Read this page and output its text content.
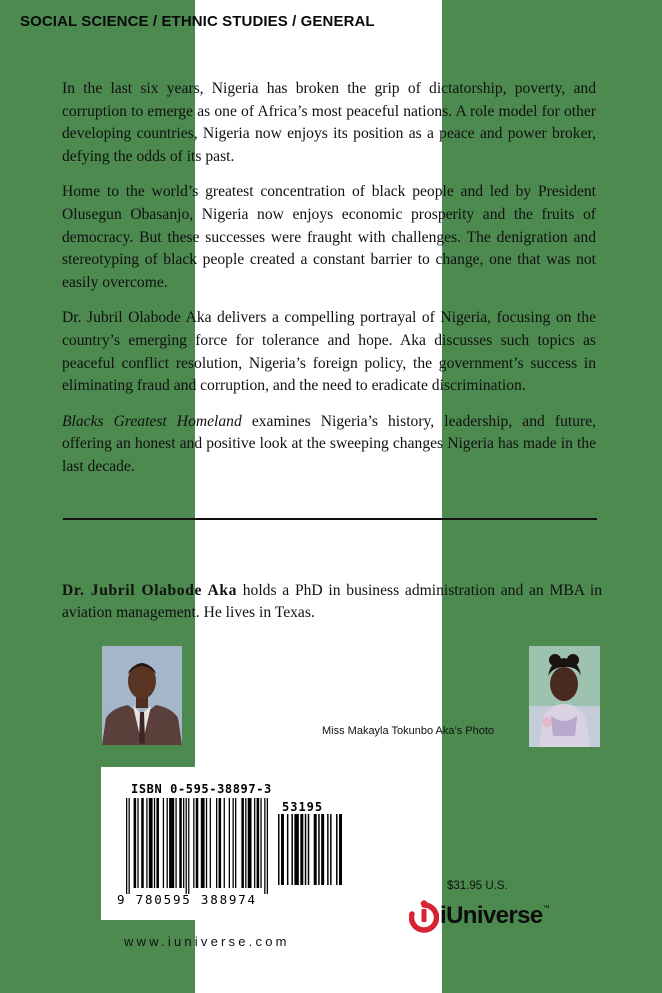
SOCIAL SCIENCE / ETHNIC STUDIES / GENERAL

In the last six years, Nigeria has broken the grip of dictatorship, poverty, and corruption to emerge as one of Africa’s most peaceful nations. A role model for other developing countries, Nigeria now enjoys its position as a peace and power broker, defying the odds of its past.

Home to the world’s greatest concentration of black people and led by President Olusegun Obasanjo, Nigeria now enjoys economic prosperity and the fruits of democracy. But these successes were fraught with challenges. The denigration and stereotyping of black people created a constant barrier to change, one that was not easily overcome.

Dr. Jubril Olabode Aka delivers a compelling portrayal of Nigeria, focusing on the country’s emerging force for tolerance and hope. Aka discusses such topics as peaceful conflict resolution, Nigeria’s foreign policy, the government’s success in eliminating fraud and corruption, and the need to eradicate discrimination.

Blacks Greatest Homeland examines Nigeria’s history, leadership, and future, offering an honest and positive look at the sweeping changes Nigeria has made in the last decade.

Dr. Jubril Olabode Aka holds a PhD in business administration and an MBA in aviation management. He lives in Texas.
Miss Makayla Tokunbo Aka’s Photo
ISBN 0-595-38897-3
53195
9 780595 388974
www.iuniverse.com
$31.95 U.S.
iUniverse™
